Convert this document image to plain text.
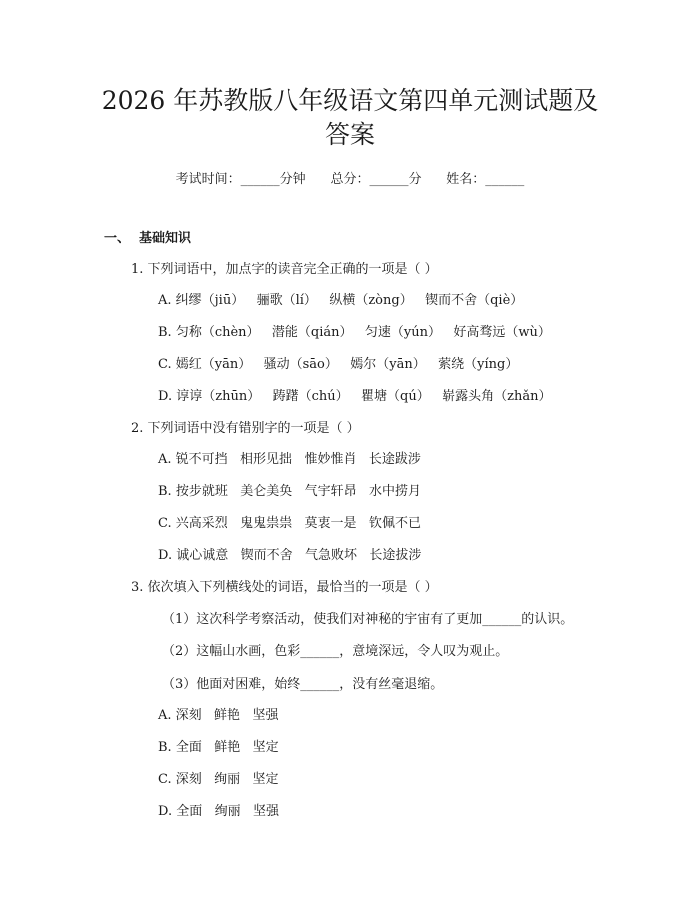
2026 年苏教版八年级语文第四单元测试题及
答案
考试时间：______分钟 总分：______分 姓名：______
一、  基础知识
1. 下列词语中，加点字的读音完全正确的一项是（ ）
A. 纠缪（jiū）   骊歌（lí）   纵横（zòng）   锲而不舍（qiè）
B. 匀称（chèn）   潜能（qián）   匀速（yún）   好高骛远（wù）
C. 嫣红（yān）   骚动（sāo）   嫣尔（yān）   萦绕（yíng）
D. 谆谆（zhūn）   踌躇（chú）   瞿塘（qú）   崭露头角（zhǎn）
2. 下列词语中没有错别字的一项是（ ）
A. 锐不可挡   相形见拙   惟妙惟肖   长途跋涉
B. 按步就班   美仑美奂   气宇轩昂   水中捞月
C. 兴高采烈   鬼鬼祟祟   莫衷一是   钦佩不已
D. 诚心诚意   锲而不舍   气急败坏   长途拔涉
3. 依次填入下列横线处的词语，最恰当的一项是（ ）
（1）这次科学考察活动，使我们对神秘的宇宙有了更加______的认识。
（2）这幅山水画，色彩______，意境深远，令人叹为观止。
（3）他面对困难，始终______，没有丝毫退缩。
A. 深刻   鲜艳   坚强
B. 全面   鲜艳   坚定
C. 深刻   绚丽   坚定
D. 全面   绚丽   坚强
